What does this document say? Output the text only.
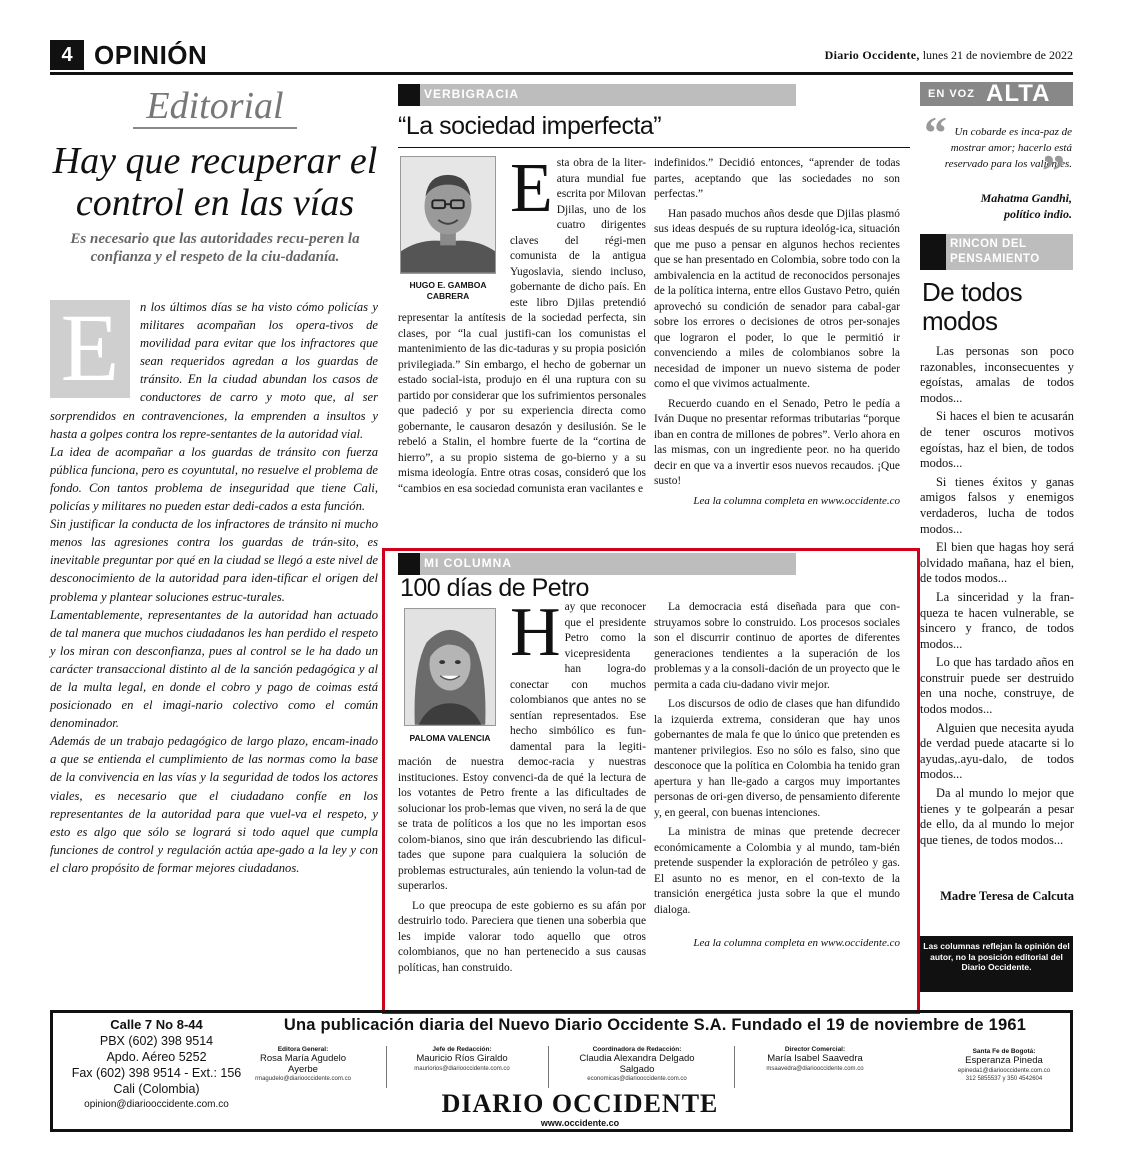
4 OPINIÓN	Diario Occidente, lunes 21 de noviembre de 2022
Editorial
Hay que recuperar el control en las vías
Es necesario que las autoridades recu-peren la confianza y el respeto de la ciu-dadanía.
E	n los últimos días se ha visto cómo policías y militares acompañan los opera-tivos de movilidad para evitar que los infractores que sean requeridos agredan a los guardas de tránsito. En la ciudad abundan los casos de conductores de carro y moto que, al ser sorprendidos en contravenciones, la emprenden a insultos y hasta a golpes contra los repre-sentantes de la autoridad vial.

La idea de acompañar a los guardas de tránsito con fuerza pública funciona, pero es coyuntutal, no resuelve el problema de fondo. Con tantos problema de inseguridad que tiene Cali, policías y militares no pueden estar dedi-cados a esta función.

Sin justificar la conducta de los infractores de tránsito ni mucho menos las agresiones contra los guardas de trán-sito, es inevitable preguntar por qué en la ciudad se llegó a este nivel de desconocimiento de la autoridad para iden-tificar el origen del problema y plantear soluciones estruc-turales.

Lamentablemente, representantes de la autoridad han actuado de tal manera que muchos ciudadanos les han perdido el respeto y los miran con desconfianza, pues al control se le ha dado un carácter transaccional distinto al de la sanción pedagógica y al de la multa legal, en donde el cobro y pago de coimas está posicionado en el imagi-nario colectivo como el común denominador.

Además de un trabajo pedagógico de largo plazo, encam-inado a que se entienda el cumplimiento de las normas como la base de la convivencia en las vías y la seguridad de todos los actores viales, es necesario que el ciudadano confíe en los representantes de la autoridad para que vuel-va el respeto, y esto es algo que sólo se logrará si todo aquel que cumpla funciones de control y regulación actúa ape-gado a la ley y con el claro propósito de formar mejores ciudadanos.

VERBIGRACIA
“La sociedad imperfecta”

Esta obra de la liter-atura mundial fue escrita por Milovan Djilas, uno de los cuatro dirigentes claves del régi-men comunista de la antigua Yugoslavia, siendo incluso, gobernante de dicho país. En este libro Djilas pretendió representar la antítesis de la sociedad perfecta, sin clases, por “la cual justifi-can los comunistas el mantenimiento de las dic-taduras y su propia posición privilegiada.” Sin embargo, el hecho de gobernar un estado social-ista, produjo en él una ruptura con su partido por considerar que los sufrimientos personales que padeció y por su experiencia directa como gobernante, le causaron desazón y desilusión. Se le rebeló a Stalin, el hombre fuerte de la “cortina de hierro”, a su propio sistema de go-bierno y a su misma ideología. Entre otras cosas, consideró que los “cambios en esa sociedad comunista eran vacilantes e

HUGO E. GAMBOA CABRERA

indefinidos.” Decidió entonces, “aprender de todas partes, aceptando que las sociedades no son perfectas.”

Han pasado muchos años desde que Djilas plasmó sus ideas después de su ruptura ideológ-ica, situación que me puso a pensar en algunos hechos recientes que se han presentado en Colombia, sobre todo con la ambivalencia en la actitud de reconocidos personajes de la política interna, entre ellos Gustavo Petro, quién aprovechó su condición de senador para cabal-gar sobre los errores o decisiones de otros per-sonajes que lograron el poder, lo que le permitió ir convenciendo a miles de colombianos sobre la necesidad de imponer un nuevo sistema de poder como el que vivimos actualmente.

Recuerdo cuando en el Senado, Petro le pedía a Iván Duque no presentar reformas tributarias “porque iban en contra de millones de pobres”. Verlo ahora en las mismas, con un ingrediente peor. no ha querido decir en que va a invertir esos nuevos recaudos. ¡Que susto!

Lea la columna completa en www.occidente.co
MI COLUMNA
100 días de Petro

Hay que reconocer que el presidente Petro como la vicepresidenta han logra-do conectar con muchos colombianos que antes no se sentían representados. Ese hecho simbólico es fun-damental para la legiti-mación de nuestra democ-racia y nuestras instituciones. Estoy convenci-da de qué la lectura de los votantes de Petro frente a las dificultades de solucionar los prob-lemas que viven, no será la de que se trata de políticos a los que no les importan esos colom-bianos, sino que irán descubriendo las dificul-tades que supone para cualquiera la solución de problemas estructurales, aún teniendo la volun-tad de superarlos.

Lo que preocupa de este gobierno es su afán por destruirlo todo. Pareciera que tienen una soberbia que les impide valorar todo aquello que otros colombianos, que no han pertenecido a sus causas políticas, han construido.

PALOMA VALENCIA

La democracia está diseñada para que con-struyamos sobre lo construido. Los procesos sociales son el discurrir continuo de aportes de diferentes generaciones tendientes a la superación de los problemas y a la consoli-dación de un proyecto que le permita a cada ciu-dadano vivir mejor.

Los discursos de odio de clases que han difundido la izquierda extrema, consideran que hay unos gobernantes de mala fe que lo único que pretenden es mantener privilegios. Eso no sólo es falso, sino que desconoce que la política en Colombia ha tenido gran apertura y han lle-gado a cargos muy importantes personas de ori-gen diverso, de pensamiento diferente y, en geeral, con buenas intenciones.

La ministra de minas que pretende decrecer económicamente a Colombia y al mundo, tam-bién pretende suspender la exploración de petróleo y gas. El asunto no es menor, en el con-texto de la transición energética justa sobre la que el mundo dialoga.

Lea la columna completa en www.occidente.co
EN VOZ ALTA
“ Un cobarde es inca-paz de mostrar amor; hacerlo está reservado para los valientes.
”
Mahatma Gandhi,
político indio.
RINCON DEL
PENSAMIENTO
De todos modos

Las personas son poco razonables, inconsecuentes y egoístas, amalas de todos modos...

Si haces el bien te acusarán de tener oscuros motivos egoístas, haz el bien, de todos modos...

Si tienes éxitos y ganas amigos falsos y enemigos verdaderos, lucha de todos modos...

El bien que hagas hoy será olvidado mañana, haz el bien, de todos modos...

La sinceridad y la fran-queza te hacen vulnerable, se sincero y franco, de todos modos...

Lo que has tardado años en construir puede ser destruido en una noche, construye, de todos modos...

Alguien que necesita ayuda de verdad puede atacarte si lo ayudas,.ayu-dalo, de todos modos...

Da al mundo lo mejor que tienes y te golpearán a pesar de ello, da al mundo lo mejor que tienes, de todos modos...

Madre Teresa de Calcuta
Las columnas reflejan la opinión del autor, no la posición editorial del Diario Occidente.
Calle 7 No 8-44
PBX (602) 398 9514
Apdo. Aéreo 5252
Fax (602) 398 9514 - Ext.: 156
Cali (Colombia)
opinion@diariooccidente.com.co
Una publicación diaria del Nuevo Diario Occidente S.A. Fundado el 19 de noviembre de 1961
Editora General:
Rosa María Agudelo Ayerbe
rmagudelo@diariooccidente.com.co
Jefe de Redacción:
Mauricio Ríos Giraldo
mauriorios@diariooccidente.com.co
Coordinadora de Redacción:
Claudia Alexandra Delgado Salgado
economicas@diariooccidente.com.co
Director Comercial:
María Isabel Saavedra
msaavedra@diariooccidente.com.co
Santa Fe de Bogotá:
Esperanza Pineda
epineda1@diariooccidente.com.co
312 5855537 y 350 4542604
DIARIO OCCIDENTE
www.occidente.co
